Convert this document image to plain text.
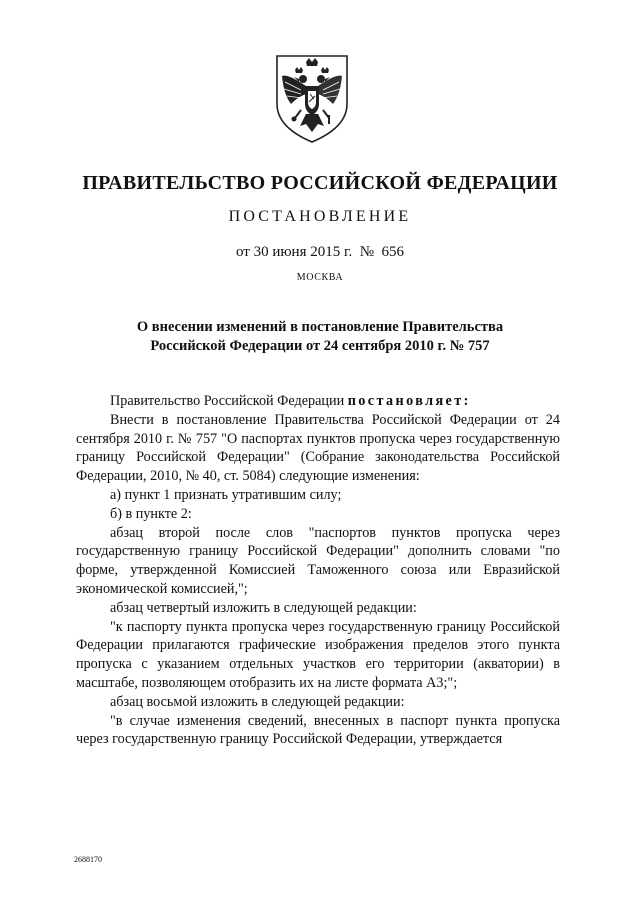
ПРАВИТЕЛЬСТВО РОССИЙСКОЙ ФЕДЕРАЦИИ
ПОСТАНОВЛЕНИЕ
от 30 июня 2015 г. №  656
МОСКВА
О внесении изменений в постановление Правительства
Российской Федерации от 24 сентября 2010 г. № 757

Правительство Российской Федерации постановляет:

Внести в постановление Правительства Российской Федерации от 24 сентября 2010 г. № 757 "О паспортах пунктов пропуска через государственную границу Российской Федерации" (Собрание законодательства Российской Федерации, 2010, № 40, ст. 5084) следующие изменения:

а) пункт 1 признать утратившим силу;

б) в пункте 2:

абзац второй после слов "паспортов пунктов пропуска через государственную границу Российской Федерации" дополнить словами "по форме, утвержденной Комиссией Таможенного союза или Евразийской экономической комиссией,";

абзац четвертый изложить в следующей редакции:

"к паспорту пункта пропуска через государственную границу Российской Федерации прилагаются графические изображения пределов этого пункта пропуска с указанием отдельных участков его территории (акватории) в масштабе, позволяющем отобразить их на листе формата А3;";

абзац восьмой изложить в следующей редакции:

"в случае изменения сведений, внесенных в паспорт пункта пропуска через государственную границу Российской Федерации, утверждается

2688170
